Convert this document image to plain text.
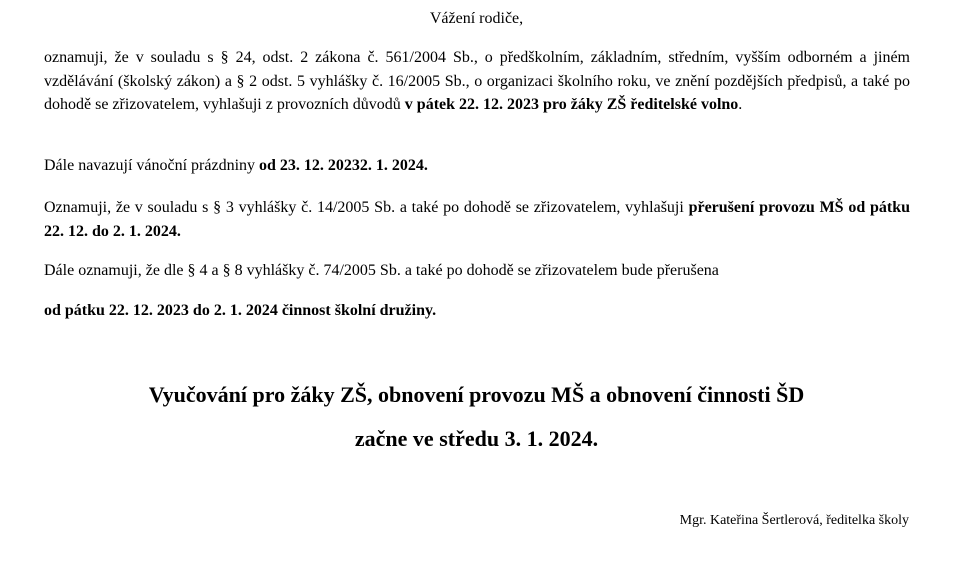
Vážení rodiče,

oznamuji, že v souladu s § 24, odst. 2 zákona č. 561/2004 Sb., o předškolním, základním, středním, vyšším odborném a jiném vzdělávání (školský zákon) a § 2 odst. 5 vyhlášky č. 16/2005 Sb., o organizaci školního roku, ve znění pozdějších předpisů, a také po dohodě se zřizovatelem, vyhlašuji z provozních důvodů v pátek 22. 12. 2023 pro žáky ZŠ ředitelské volno.

Dále navazují vánoční prázdniny od 23. 12. 20232. 1. 2024.

Oznamuji, že v souladu s § 3 vyhlášky č. 14/2005 Sb. a také po dohodě se zřizovatelem, vyhlašuji přerušení provozu MŠ od pátku 22. 12. do 2. 1. 2024.

Dále oznamuji, že dle § 4 a § 8 vyhlášky č. 74/2005 Sb. a také po dohodě se zřizovatelem bude přerušena

od pátku 22. 12. 2023 do 2. 1. 2024 činnost školní družiny.

Vyučování pro žáky ZŠ, obnovení provozu MŠ a obnovení činnosti ŠD
začne ve středu 3. 1. 2024.
Mgr. Kateřina Šertlerová, ředitelka školy
